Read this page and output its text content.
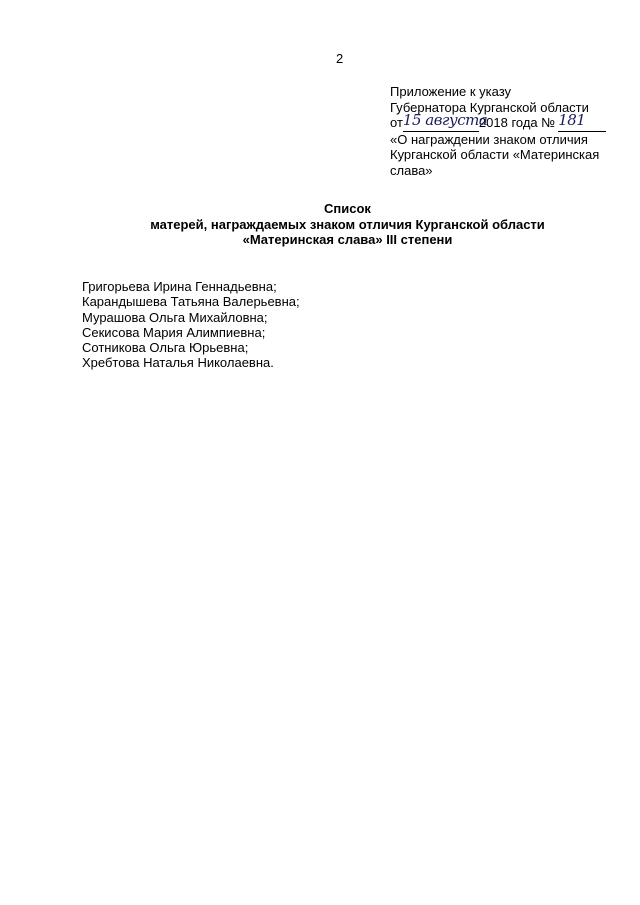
2
Приложение к указу
Губернатора Курганской области
от15 августа2018 года № 181
«О награждении знаком отличия
Курганской области «Материнская
слава»
Список
матерей, награждаемых знаком отличия Курганской области
«Материнская слава» III степени
Григорьева Ирина Геннадьевна;
Карандышева Татьяна Валерьевна;
Мурашова Ольга Михайловна;
Секисова Мария Алимпиевна;
Сотникова Ольга Юрьевна;
Хребтова Наталья Николаевна.
